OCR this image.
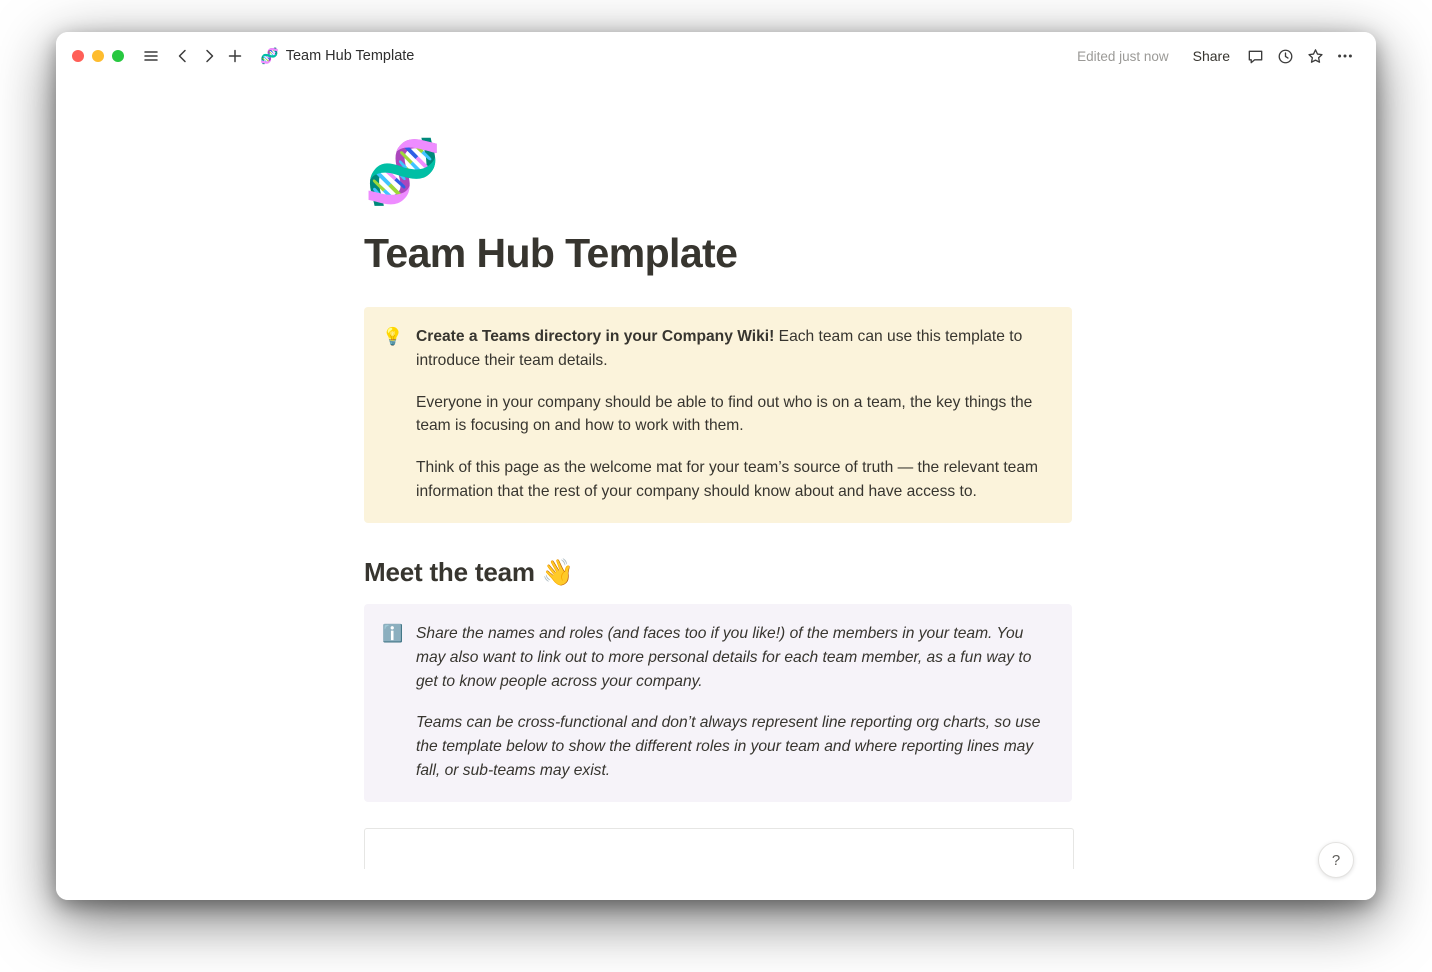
🧬 Team Hub Template	Edited just now	Share
🧬
Team Hub Template
💡 Create a Teams directory in your Company Wiki! Each team can use this template to introduce their team details.

Everyone in your company should be able to find out who is on a team, the key things the team is focusing on and how to work with them.

Think of this page as the welcome mat for your team’s source of truth — the relevant team information that the rest of your company should know about and have access to.

Meet the team 👋
ℹ️ Share the names and roles (and faces too if you like!) of the members in your team. You may also want to link out to more personal details for each team member, as a fun way to get to know people across your company.

Teams can be cross-functional and don’t always represent line reporting org charts, so use the template below to show the different roles in your team and where reporting lines may fall, or sub-teams may exist.

?
